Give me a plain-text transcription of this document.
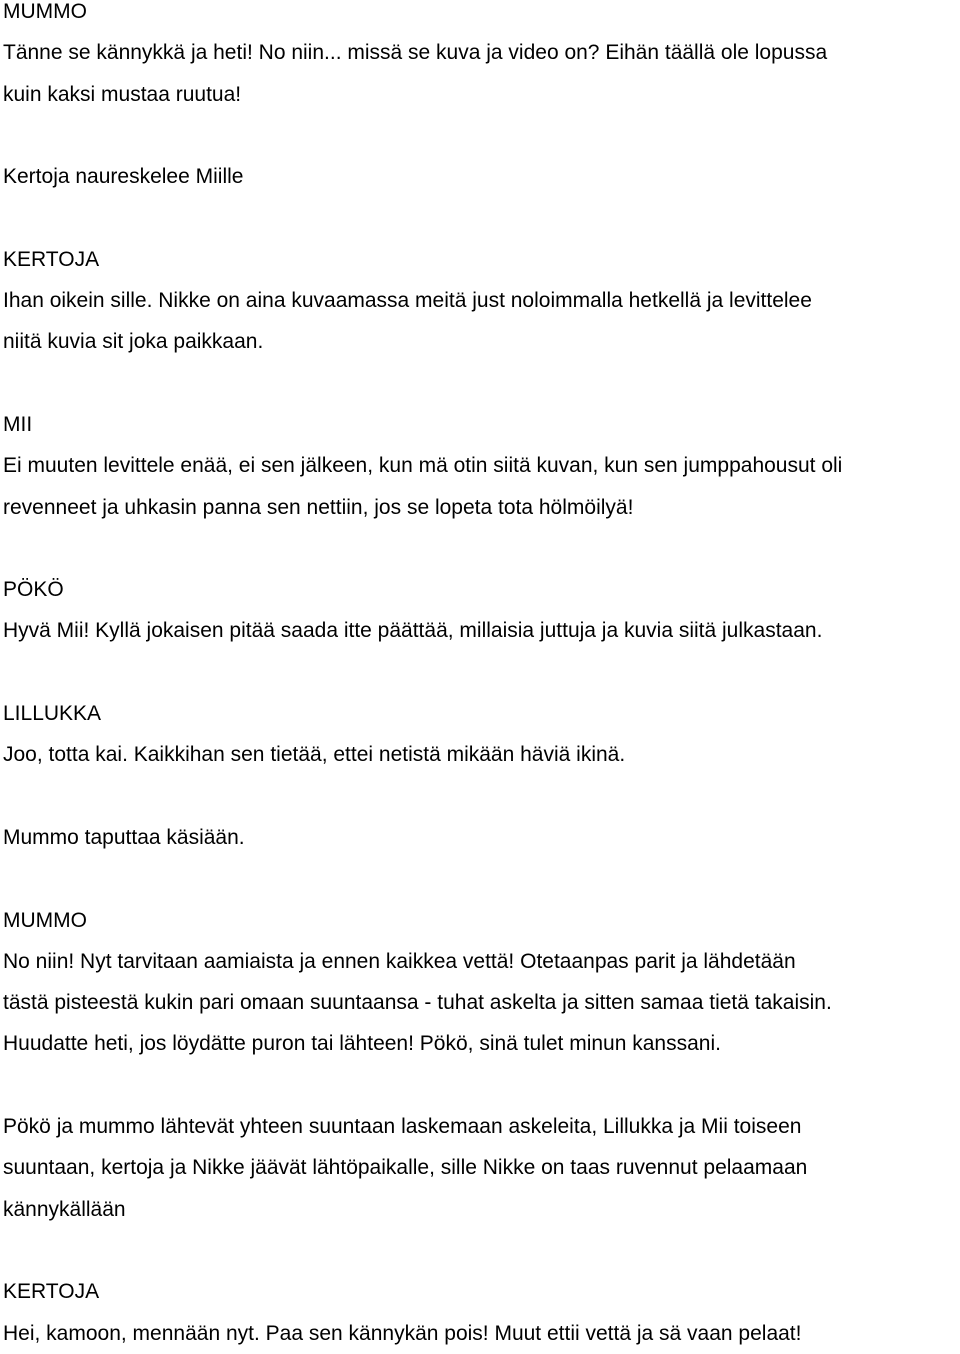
MUMMO
Tänne se kännykkä ja heti! No niin... missä se kuva ja video on? Eihän täällä ole lopussa
kuin kaksi mustaa ruutua!
Kertoja naureskelee Miille
KERTOJA
Ihan oikein sille. Nikke on aina kuvaamassa meitä just noloimmalla hetkellä ja levittelee
niitä kuvia sit joka paikkaan.
MII
Ei muuten levittele enää, ei sen jälkeen, kun mä otin siitä kuvan, kun sen jumppahousut oli
revenneet ja uhkasin panna sen nettiin, jos se lopeta tota hölmöilyä!
PÖKÖ
Hyvä Mii! Kyllä jokaisen pitää saada itte päättää, millaisia juttuja ja kuvia siitä julkastaan.
LILLUKKA
Joo, totta kai. Kaikkihan sen tietää, ettei netistä mikään häviä ikinä.
Mummo taputtaa käsiään.
MUMMO
No niin! Nyt tarvitaan aamiaista ja ennen kaikkea vettä! Otetaanpas parit ja lähdetään
tästä pisteestä kukin pari omaan suuntaansa - tuhat askelta ja sitten samaa tietä takaisin.
Huudatte heti, jos löydätte puron tai lähteen! Pökö, sinä tulet minun kanssani.
Pökö ja mummo lähtevät yhteen suuntaan laskemaan askeleita, Lillukka ja Mii toiseen
suuntaan, kertoja ja Nikke jäävät lähtöpaikalle, sille Nikke on taas ruvennut pelaamaan
kännykällään
KERTOJA
Hei, kamoon, mennään nyt. Paa sen kännykän pois! Muut ettii vettä ja sä vaan pelaat!
